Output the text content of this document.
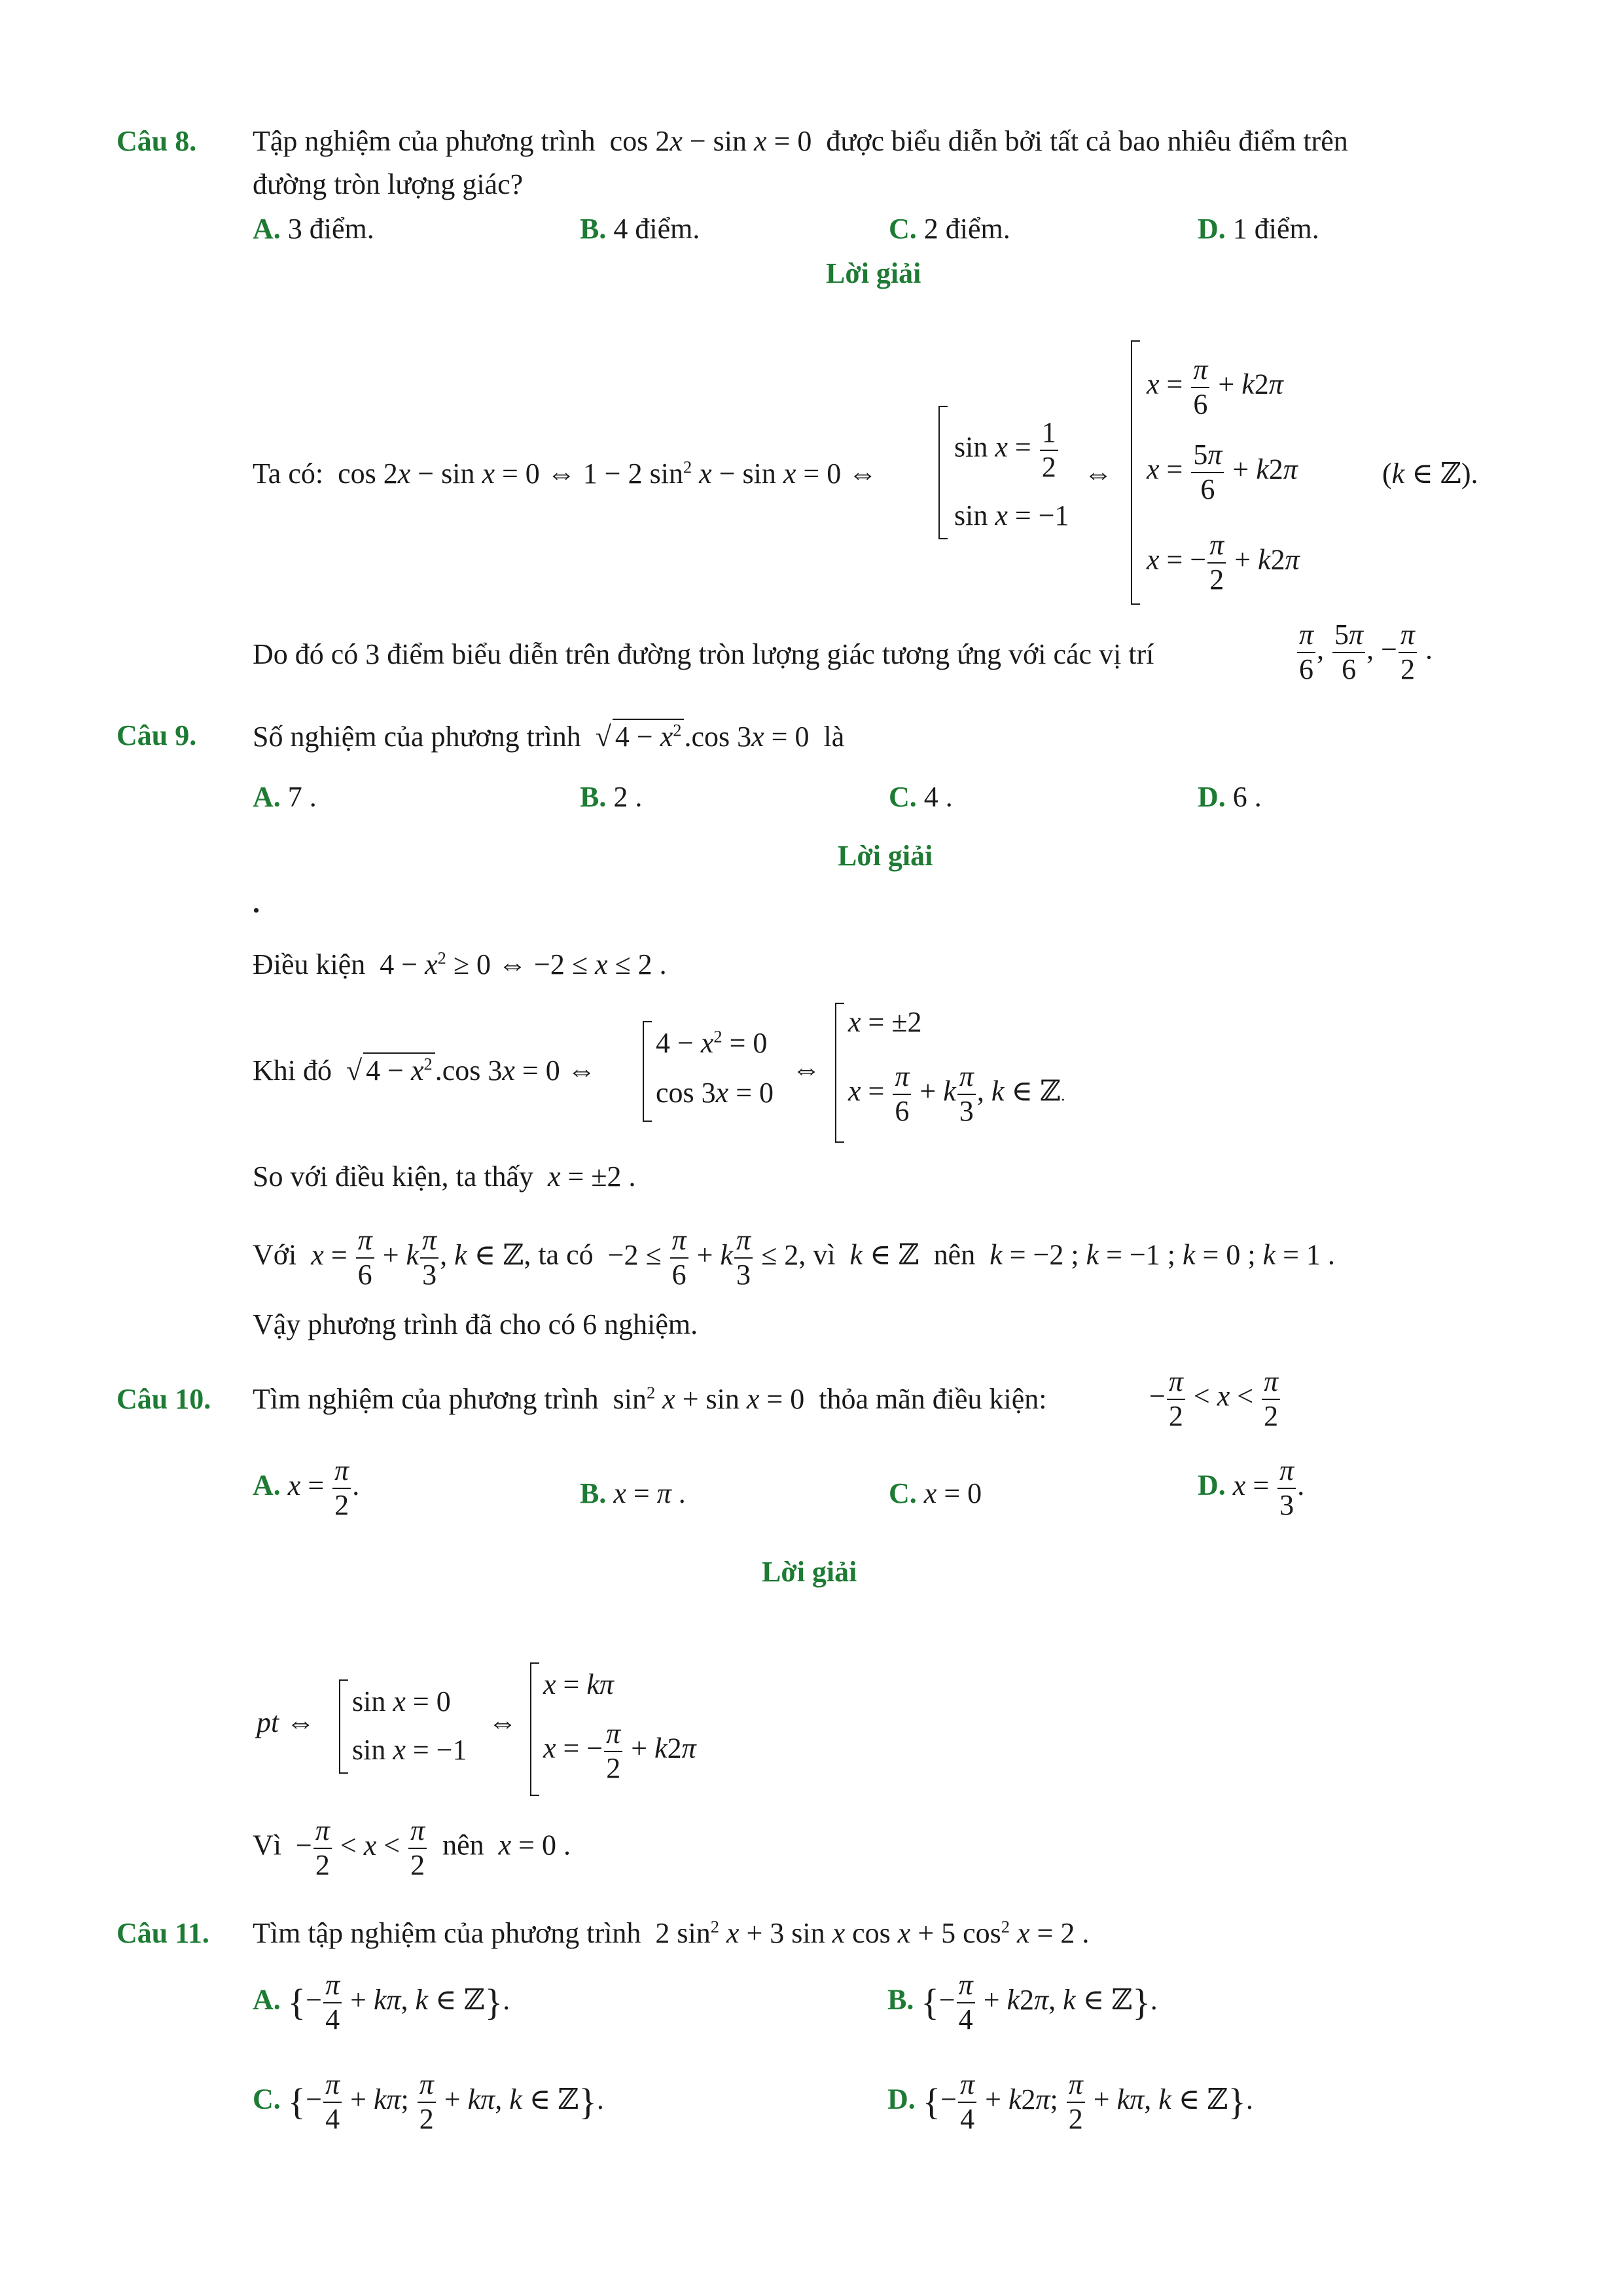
Câu 8. Tập nghiệm của phương trình  cos 2x − sin x = 0  được biểu diễn bởi tất cả bao nhiêu điểm trên
đường tròn lượng giác?
A. 3 điểm.	B. 4 điểm.	C. 2 điểm.	D. 1 điểm.
Lời giải
Ta có:  cos 2x − sin x = 0 ⇔ 1 − 2 $\sin^2 x - \sin x = 0$ ⇔
$\sin x = \frac{1}{2}$
sin x = −1
⇔
$x = \frac{\pi}{6} + k2\pi$
$x = \frac{5\pi}{6} + k2\pi$
x = − $\frac{\pi}{2} + k2\pi$
(k ∈ ℤ).
Do đó có 3 điểm biểu diễn trên đường tròn lượng giác tương ứng với các vị trí	$\frac{\pi}{6}$ , $\frac{5\pi}{6}$ , − $\frac{\pi}{2}$ .
Câu 9. Số nghiệm của phương trình √ $4 - x^2.\cos$ 3x = 0  là
A. 7 .	B. 2 .	C. 4 .	D. 6 .
Lời giải
.
Điều kiện  $4 - x^2 \ge 0$ ⇔ −2 ≤ x ≤ 2 .
Khi đó √ $4 - x^2.\cos$ 3x = 0 ⇔
$4 - x^2 = 0$
cos 3x = 0
⇔
x = ±2
$x = \frac{\pi}{6} + k \frac{\pi}{3}$ , k ∈ ℤ.
So với điều kiện, ta thấy x = ±2 .
Với $x = \frac{\pi}{6} + k \frac{\pi}{3}$ , k ∈ ℤ, ta có  $-2 \le \frac{\pi}{6} + k \frac{\pi}{3} \le 2$, vì k ∈ ℤ  nên k = −2 ; k = −1 ; k = 0 ; k = 1 .
Vậy phương trình đã cho có 6 nghiệm.
Câu 10. Tìm nghiệm của phương trình  $\sin^2 x + \sin x = 0$  thỏa mãn điều kiện:	− $\frac{\pi}{2} < x < \frac{\pi}{2}$
A. $x = \frac{\pi}{2}$ .	B. x = π .	C. x = 0	D. $x = \frac{\pi}{3}$ .
Lời giải
pt ⇔
sin x = 0
sin x = −1
⇔
x = kπ
x = − $\frac{\pi}{2} + k2\pi$
Vì  − $\frac{\pi}{2} < x < \frac{\pi}{2}$ nên x = 0 .
Câu 11. Tìm tập nghiệm của phương trình  2 $\sin^2 x + 3$ sin x cos x + 5 $\cos^2 x = 2$ .
A. {− $\frac{\pi}{4} + k\pi$, k ∈ ℤ}.	B. {− $\frac{\pi}{4} + k2\pi$, k ∈ ℤ}.
C. {− $\frac{\pi}{4} + k\pi$; $\frac{\pi}{2} + k\pi$, k ∈ ℤ}.	D. {− $\frac{\pi}{4} + k2\pi$; $\frac{\pi}{2} + k\pi$, k ∈ ℤ}.
